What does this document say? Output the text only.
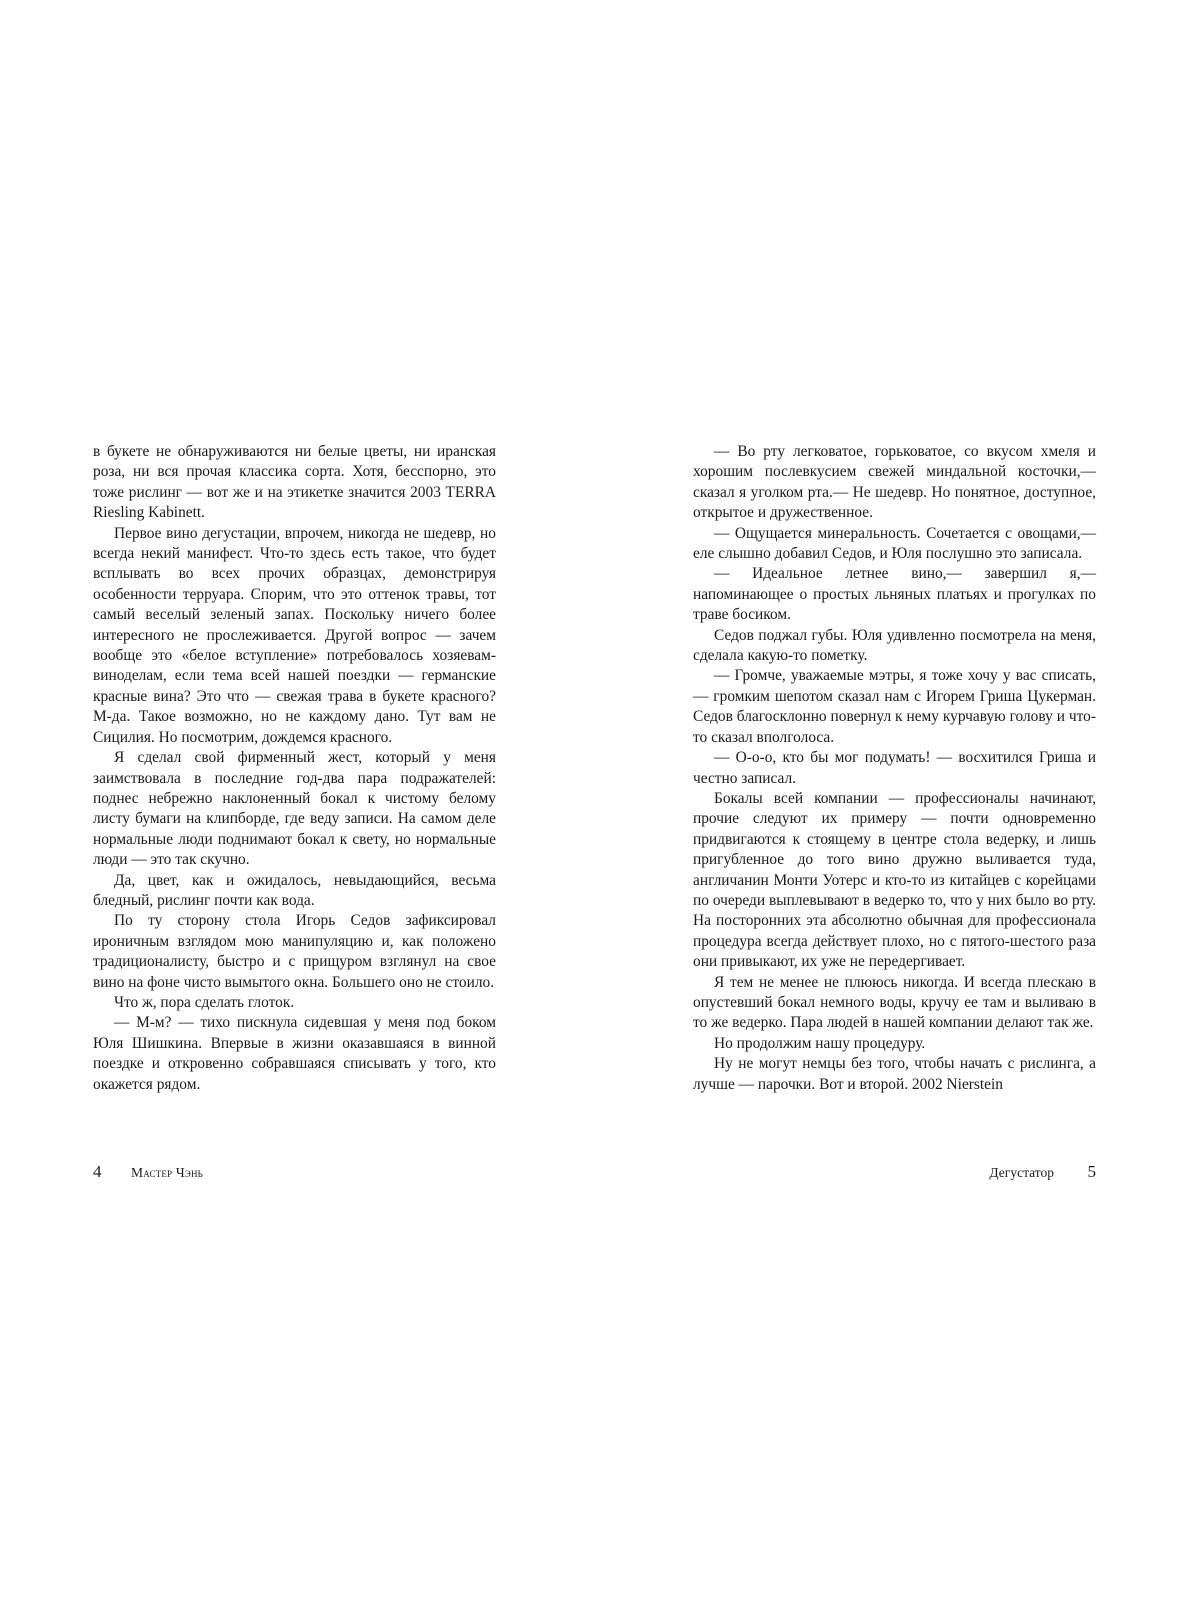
в букете не обнаруживаются ни белые цветы, ни иранская роза, ни вся прочая классика сорта. Хотя, бесспорно, это тоже рислинг — вот же и на этикетке значится 2003 TERRA Riesling Kabinett.

Первое вино дегустации, впрочем, никогда не шедевр, но всегда некий манифест. Что-то здесь есть такое, что будет всплывать во всех прочих образцах, демонстрируя особенности терруара. Спорим, что это оттенок травы, тот самый веселый зеленый запах. Поскольку ничего более интересного не прослеживается. Другой вопрос — зачем вообще это «белое вступление» потребовалось хозяевам-виноделам, если тема всей нашей поездки — германские красные вина? Это что — свежая трава в букете красного? М-да. Такое возможно, но не каждому дано. Тут вам не Сицилия. Но посмотрим, дождемся красного.

Я сделал свой фирменный жест, который у меня заимствовала в последние год-два пара подражателей: поднес небрежно наклоненный бокал к чистому белому листу бумаги на клипборде, где веду записи. На самом деле нормальные люди поднимают бокал к свету, но нормальные люди — это так скучно.

Да, цвет, как и ожидалось, невыдающийся, весьма бледный, рислинг почти как вода.

По ту сторону стола Игорь Седов зафиксировал ироничным взглядом мою манипуляцию и, как положено традиционалисту, быстро и с прищуром взглянул на свое вино на фоне чисто вымытого окна. Большего оно не стоило.

Что ж, пора сделать глоток.

— М-м? — тихо пискнула сидевшая у меня под боком Юля Шишкина. Впервые в жизни оказавшаяся в винной поездке и откровенно собравшаяся списывать у того, кто окажется рядом.

— Во рту легковатое, горьковатое, со вкусом хмеля и хорошим послевкусием свежей миндальной косточки,— сказал я уголком рта.— Не шедевр. Но понятное, доступное, открытое и дружественное.

— Ощущается минеральность. Сочетается с овощами,— еле слышно добавил Седов, и Юля послушно это записала.

— Идеальное летнее вино,— завершил я,— напоминающее о простых льняных платьях и прогулках по траве босиком.

Седов поджал губы. Юля удивленно посмотрела на меня, сделала какую-то пометку.

— Громче, уважаемые мэтры, я тоже хочу у вас списать,— громким шепотом сказал нам с Игорем Гриша Цукерман. Седов благосклонно повернул к нему курчавую голову и что-то сказал вполголоса.

— О-о-о, кто бы мог подумать! — восхитился Гриша и честно записал.

Бокалы всей компании — профессионалы начинают, прочие следуют их примеру — почти одновременно придвигаются к стоящему в центре стола ведерку, и лишь пригубленное до того вино дружно выливается туда, англичанин Монти Уотерс и кто-то из китайцев с корейцами по очереди выплевывают в ведерко то, что у них было во рту. На посторонних эта абсолютно обычная для профессионала процедура всегда действует плохо, но с пятого-шестого раза они привыкают, их уже не передергивает.

Я тем не менее не плююсь никогда. И всегда плескаю в опустевший бокал немного воды, кручу ее там и выливаю в то же ведерко. Пара людей в нашей компании делают так же.

Но продолжим нашу процедуру.

Ну не могут немцы без того, чтобы начать с рислинга, а лучше — парочки. Вот и второй. 2002 Nierstein

4 Мастер Чэнь	Дегустатор 5
